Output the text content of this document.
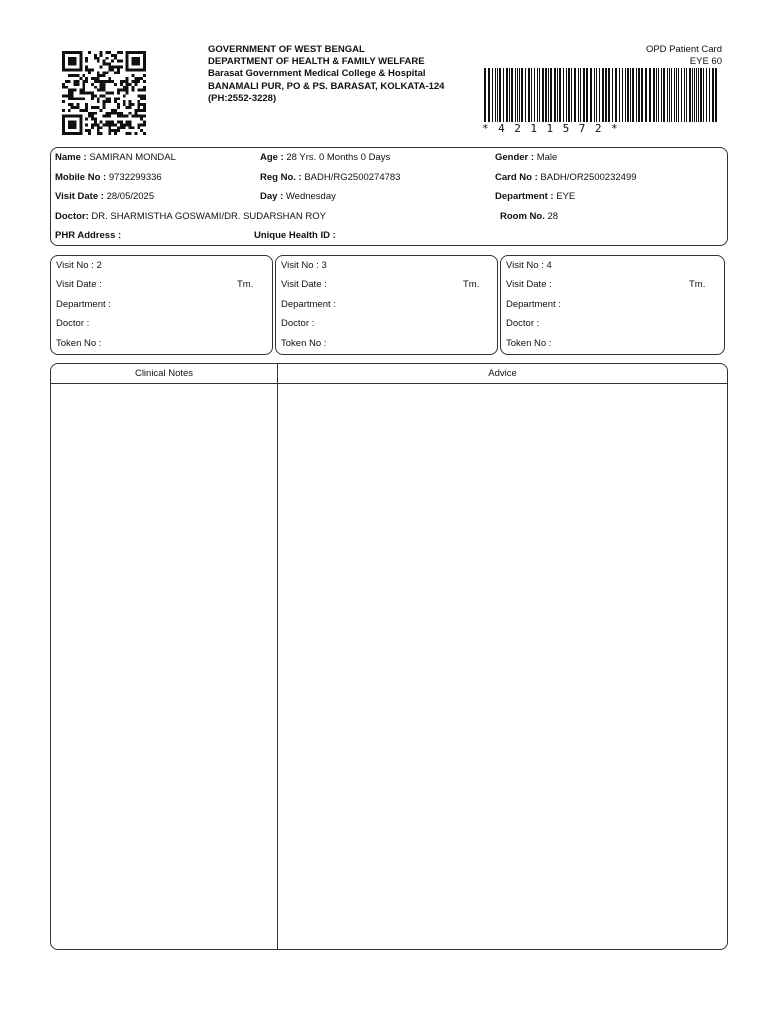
GOVERNMENT OF WEST BENGAL
DEPARTMENT OF HEALTH & FAMILY WELFARE
Barasat Government Medical College & Hospital
BANAMALI PUR, PO & PS. BARASAT, KOLKATA-124
(PH:2552-3228)
OPD Patient Card
EYE 60
*4211572*
Name : SAMIRAN MONDAL	Age : 28 Yrs. 0 Months 0 Days	Gender : Male
Mobile No : 9732299336	Reg No. : BADH/RG2500274783	Card No : BADH/OR2500232499
Visit Date : 28/05/2025	Day : Wednesday	Department : EYE
Doctor: DR. SHARMISTHA GOSWAMI/DR. SUDARSHAN ROY	Room No. 28
PHR Address :	Unique Health ID :
Visit No : 2
Visit Date :	Tm.
Department :
Doctor :
Token No :
Visit No : 3
Visit Date :	Tm.
Department :
Doctor :
Token No :
Visit No : 4
Visit Date :	Tm.
Department :
Doctor :
Token No :
Clinical Notes	Advice
